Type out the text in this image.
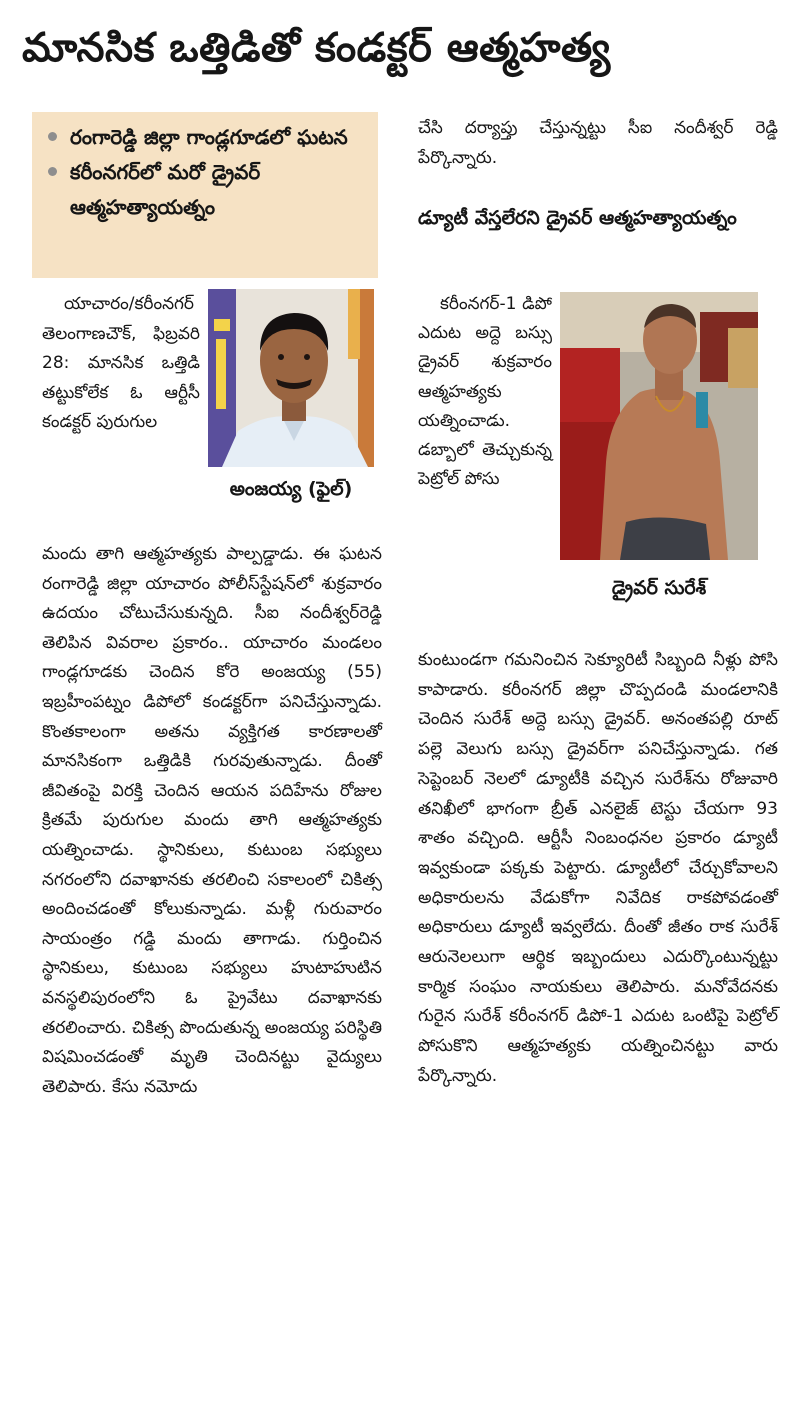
మానసిక ఒత్తిడితో కండక్టర్ ఆత్మహత్య
రంగారెడ్డి జిల్లా గాండ్లగూడలో ఘటన
కరీంనగర్‌లో మరో డ్రైవర్ ఆత్మహత్యాయత్నం
అంజయ్య (ఫైల్)

యాచారం/కరీంనగర్ తెలంగాణచౌక్, ఫిబ్రవరి 28: మానసిక ఒత్తిడి తట్టుకోలేక ఓ ఆర్టీసీ కండక్టర్ పురుగుల

మందు తాగి ఆత్మహత్యకు పాల్పడ్డాడు. ఈ ఘటన రంగారెడ్డి జిల్లా యాచారం పోలీస్‌స్టేషన్‌లో శుక్రవారం ఉదయం చోటుచేసుకున్నది. సీఐ నందీశ్వర్‌రెడ్డి తెలిపిన వివరాల ప్రకారం.. యాచారం మండలం గాండ్లగూడకు చెందిన కోరె అంజయ్య (55) ఇబ్రహీంపట్నం డిపోలో కండక్టర్‌గా పనిచేస్తున్నాడు. కొంతకాలంగా అతను వ్యక్తిగత కారణాలతో మానసికంగా ఒత్తిడికి గురవుతున్నాడు. దీంతో జీవితంపై విరక్తి చెందిన ఆయన పదిహేను రోజుల క్రితమే పురుగుల మందు తాగి ఆత్మహత్యకు యత్నించాడు. స్థానికులు, కుటుంబ సభ్యులు నగరంలోని దవాఖానకు తరలించి సకాలంలో చికిత్స అందించడంతో కోలుకున్నాడు. మళ్లీ గురువారం సాయంత్రం గడ్డి మందు తాగాడు. గుర్తించిన స్థానికులు, కుటుంబ సభ్యులు హుటాహుటిన వనస్థలిపురంలోని ఓ ప్రైవేటు దవాఖానకు తరలించారు. చికిత్స పొందుతున్న అంజయ్య పరిస్థితి విషమించడంతో మృతి చెందినట్టు వైద్యులు తెలిపారు. కేసు నమోదు

చేసి దర్యాప్తు చేస్తున్నట్టు సీఐ నందీశ్వర్ రెడ్డి పేర్కొన్నారు.

డ్యూటీ వేస్తలేరని డ్రైవర్ ఆత్మహత్యాయత్నం
డ్రైవర్ సురేశ్

కరీంనగర్-1 డిపో ఎదుట అద్దె బస్సు డ్రైవర్ శుక్రవారం ఆత్మహత్యకు యత్నించాడు. డబ్బాలో తెచ్చుకున్న పెట్రోల్ పోసు

కుంటుండగా గమనించిన సెక్యూరిటీ సిబ్బంది నీళ్లు పోసి కాపాడారు. కరీంనగర్ జిల్లా చొప్పదండి మండలానికి చెందిన సురేశ్ అద్దె బస్సు డ్రైవర్. అనంతపల్లి రూట్ పల్లె వెలుగు బస్సు డ్రైవర్‌గా పనిచేస్తున్నాడు. గత సెప్టెంబర్ నెలలో డ్యూటీకి వచ్చిన సురేశ్‌ను రోజువారి తనిఖీలో భాగంగా బ్రీత్ ఎనలైజ్ టెస్టు చేయగా 93 శాతం వచ్చింది. ఆర్టీసీ నింబంధనల ప్రకారం డ్యూటీ ఇవ్వకుండా పక్కకు పెట్టారు. డ్యూటీలో చేర్చుకోవాలని అధికారులను వేడుకోగా నివేదిక రాకపోవడంతో అధికారులు డ్యూటీ ఇవ్వలేదు. దీంతో జీతం రాక సురేశ్ ఆరునెలలుగా ఆర్థిక ఇబ్బందులు ఎదుర్కొంటున్నట్టు కార్మిక సంఘం నాయకులు తెలిపారు. మనోవేదనకు గురైన సురేశ్ కరీంనగర్ డిపో-1 ఎదుట ఒంటిపై పెట్రోల్ పోసుకొని ఆత్మహత్యకు యత్నించినట్టు వారు పేర్కొన్నారు.
